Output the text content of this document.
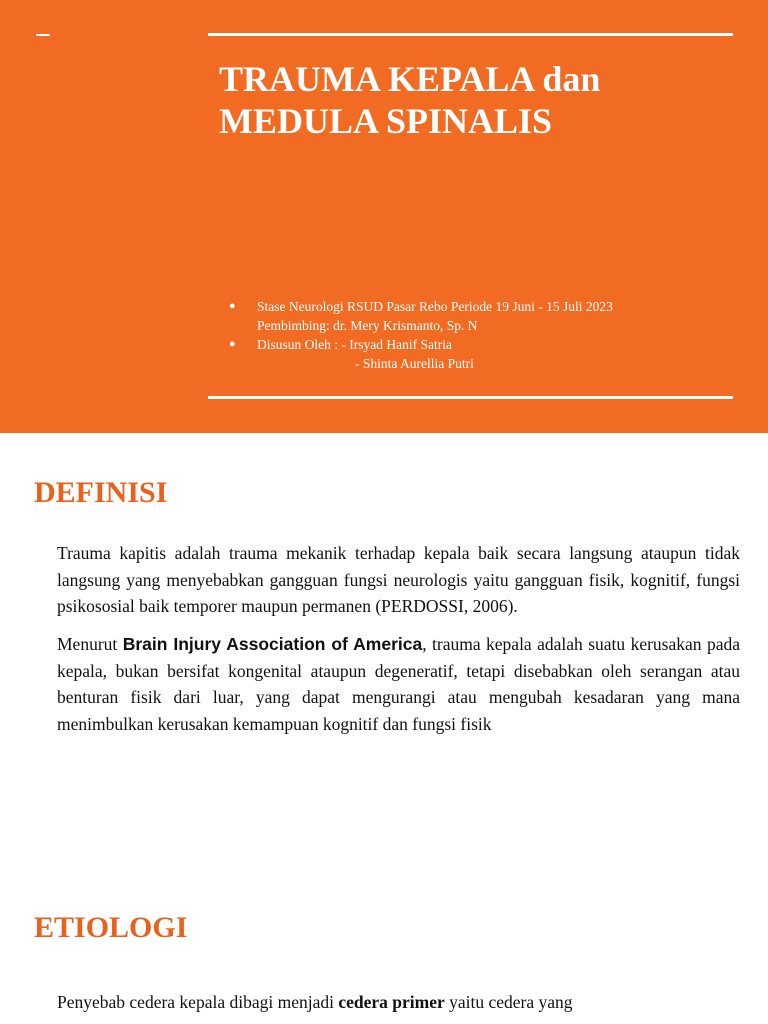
TRAUMA KEPALA dan
MEDULA SPINALIS
● Stase Neurologi RSUD Pasar Rebo Periode 19 Juni - 15 Juli 2023
Pembimbing: dr. Mery Krismanto, Sp. N
● Disusun Oleh : - Irsyad Hanif Satria
- Shinta Aurellia Putri
DEFINISI

Trauma kapitis adalah trauma mekanik terhadap kepala baik secara langsung ataupun tidak langsung yang menyebabkan gangguan fungsi neurologis yaitu gangguan fisik, kognitif, fungsi psikososial baik temporer maupun permanen (PERDOSSI, 2006).

Menurut Brain Injury Association of America, trauma kepala adalah suatu kerusakan pada kepala, bukan bersifat kongenital ataupun degeneratif, tetapi disebabkan oleh serangan atau benturan fisik dari luar, yang dapat mengurangi atau mengubah kesadaran yang mana menimbulkan kerusakan kemampuan kognitif dan fungsi fisik

ETIOLOGI

Penyebab cedera kepala dibagi menjadi cedera primer yaitu cedera yang
